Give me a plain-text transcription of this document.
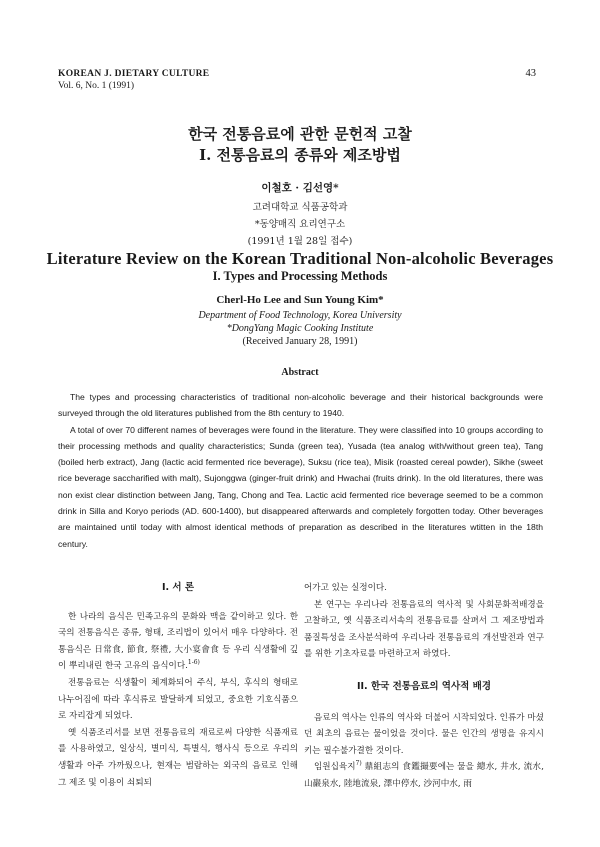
KOREAN J. DIETARY CULTURE
Vol. 6, No. 1 (1991)
43
한국 전통음료에 관한 문헌적 고찰
I. 전통음료의 종류와 제조방법
이철호 · 김선영*
고려대학교 식품공학과
*동양매직 요리연구소
(1991년 1월 28일 접수)
Literature Review on the Korean Traditional Non-alcoholic Beverages
I. Types and Processing Methods
Cherl-Ho Lee and Sun Young Kim*
Department of Food Technology, Korea University
*DongYang Magic Cooking Institute
(Received January 28, 1991)
Abstract

The types and processing characteristics of traditional non-alcoholic beverage and their historical backgrounds were surveyed through the old literatures published from the 8th century to 1940.

A total of over 70 different names of beverages were found in the literature. They were classified into 10 groups according to their processing methods and quality characteristics; Sunda (green tea), Yusada (tea analog with/without green tea), Tang (boiled herb extract), Jang (lactic acid fermented rice beverage), Suksu (rice tea), Misik (roasted cereal powder), Sikhe (sweet rice beverage saccharified with malt), Sujonggwa (ginger-fruit drink) and Hwachai (fruits drink). In the old literatures, there was non exist clear distinction between Jang, Tang, Chong and Tea. Lactic acid fermented rice beverage seemed to be a common drink in Silla and Koryo periods (AD. 600-1400), but disappeared afterwards and completely forgotten today. Other beverages are maintained until today with almost identical methods of preparation as described in the literatures wtitten in the 18th century.

I. 서 론

한 나라의 음식은 민족고유의 문화와 맥을 같이하고 있다. 한국의 전통음식은 종류, 형태, 조리법이 있어서 매우 다양하다. 전통음식은 日常食, 節食, 祭禮, 大小宴會食 등 우리 식생활에 깊이 뿌리내린 한국 고유의 음식이다.$^{1-6)}$

전통음료는 식생활이 체계화되어 주식, 부식, 후식의 형태로 나누어짐에 따라 후식류로 발달하게 되었고, 중요한 기호식품으로 자리잡게 되었다.

옛 식품조리서를 보면 전통음료의 재료로써 다양한 식품재료를 사용하였고, 일상식, 별미식, 특별식, 행사식 등으로 우리의 생활과 아주 가까웠으나, 현재는 범람하는 외국의 음료로 인해 그 제조 및 이용이 쇠퇴되

어가고 있는 실정이다.

본 연구는 우리나라 전통음료의 역사적 및 사회문화적배경을 고찰하고, 옛 식품조리서속의 전통음료를 살펴서 그 제조방법과 품질특성을 조사분석하여 우리나라 전통음료의 개선발전과 연구를 위한 기초자료를 마련하고저 하였다.

II. 한국 전통음료의 역사적 배경

음료의 역사는 인류의 역사와 더불어 시작되었다. 인류가 마셨던 최초의 음료는 물이었을 것이다. 물은 인간의 생명을 유지시키는 필수불가결한 것이다.

임원십육지$^{7)}$ 鼎組志의 食鑑撮要에는 물을 總水, 井水, 流水, 山巖泉水, 陸地流泉, 澤中停水, 沙河中水, 雨
